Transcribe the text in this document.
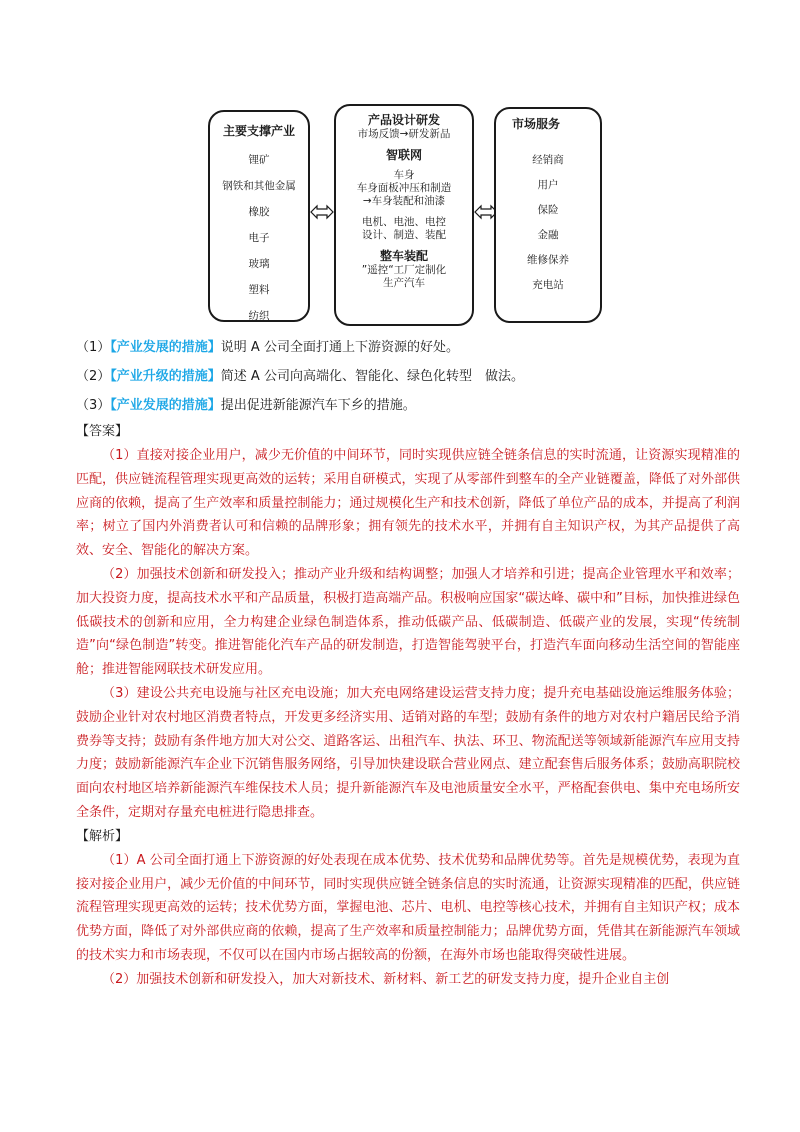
主要支撑产业
锂矿
钢铁和其他金属
橡胶
电子
玻璃
塑料
纺织
产品设计研发
市场反馈→研发新品
智联网
车身
车身面板冲压和制造
→车身装配和油漆
电机、电池、电控
设计、制造、装配
整车装配
”遥控“工厂定制化
生产汽车
市场服务
经销商
用户
保险
金融
维修保养
充电站
（1）【产业发展的措施】说明 A 公司全面打通上下游资源的好处。
（2）【产业升级的措施】简述 A 公司向高端化、智能化、绿色化转型　做法。
（3）【产业发展的措施】提出促进新能源汽车下乡的措施。
【答案】

（1）直接对接企业用户，减少无价值的中间环节，同时实现供应链全链条信息的实时流通，让资源实现精准的匹配，供应链流程管理实现更高效的运转；采用自研模式，实现了从零部件到整车的全产业链覆盖，降低了对外部供应商的依赖，提高了生产效率和质量控制能力；通过规模化生产和技术创新，降低了单位产品的成本，并提高了利润率；树立了国内外消费者认可和信赖的品牌形象；拥有领先的技术水平，并拥有自主知识产权，为其产品提供了高效、安全、智能化的解决方案。

（2）加强技术创新和研发投入；推动产业升级和结构调整；加强人才培养和引进；提高企业管理水平和效率；加大投资力度，提高技术水平和产品质量，积极打造高端产品。积极响应国家“碳达峰、碳中和”目标，加快推进绿色低碳技术的创新和应用，全力构建企业绿色制造体系，推动低碳产品、低碳制造、低碳产业的发展，实现“传统制造”向“绿色制造”转变。推进智能化汽车产品的研发制造，打造智能驾驶平台，打造汽车面向移动生活空间的智能座舱；推进智能网联技术研发应用。

（3）建设公共充电设施与社区充电设施；加大充电网络建设运营支持力度；提升充电基础设施运维服务体验；鼓励企业针对农村地区消费者特点，开发更多经济实用、适销对路的车型；鼓励有条件的地方对农村户籍居民给予消费券等支持；鼓励有条件地方加大对公交、道路客运、出租汽车、执法、环卫、物流配送等领域新能源汽车应用支持力度；鼓励新能源汽车企业下沉销售服务网络，引导加快建设联合营业网点、建立配套售后服务体系；鼓励高职院校面向农村地区培养新能源汽车维保技术人员；提升新能源汽车及电池质量安全水平，严格配套供电、集中充电场所安全条件，定期对存量充电桩进行隐患排查。

【解析】

（1）A 公司全面打通上下游资源的好处表现在成本优势、技术优势和品牌优势等。首先是规模优势，表现为直接对接企业用户，减少无价值的中间环节，同时实现供应链全链条信息的实时流通，让资源实现精准的匹配，供应链流程管理实现更高效的运转；技术优势方面，掌握电池、芯片、电机、电控等核心技术，并拥有自主知识产权；成本优势方面，降低了对外部供应商的依赖，提高了生产效率和质量控制能力；品牌优势方面，凭借其在新能源汽车领域的技术实力和市场表现，不仅可以在国内市场占据较高的份额，在海外市场也能取得突破性进展。

（2）加强技术创新和研发投入，加大对新技术、新材料、新工艺的研发支持力度，提升企业自主创
